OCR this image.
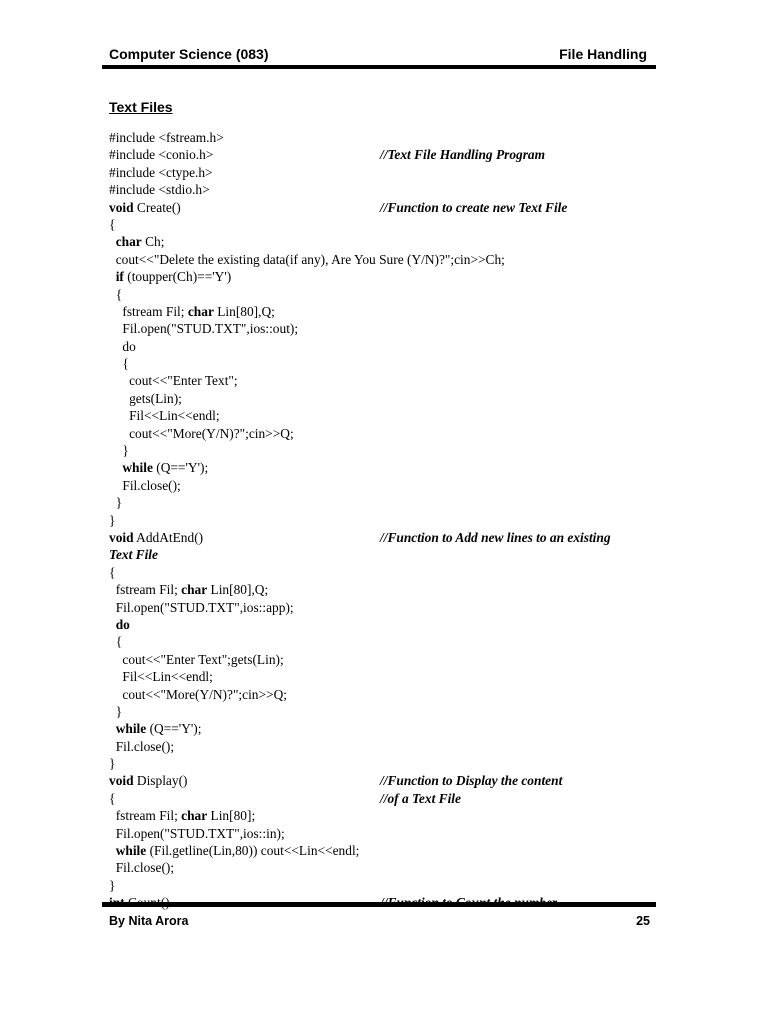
Computer Science (083)	File Handling
Text Files
#include <fstream.h>
#include <conio.h>	//Text File Handling Program
#include <ctype.h>
#include <stdio.h>
void Create()	//Function to create new Text File
{
char Ch;
cout<<"Delete the existing data(if any), Are You Sure (Y/N)?";cin>>Ch;
if (toupper(Ch)=='Y')
{
fstream Fil; char Lin[80],Q;
Fil.open("STUD.TXT",ios::out);
do
{
cout<<"Enter Text";
gets(Lin);
Fil<<Lin<<endl;
cout<<"More(Y/N)?";cin>>Q;
}
while (Q=='Y');
Fil.close();
}
}
void AddAtEnd()	//Function to Add new lines to an existing
Text File
{
fstream Fil; char Lin[80],Q;
Fil.open("STUD.TXT",ios::app);
do
{
cout<<"Enter Text";gets(Lin);
Fil<<Lin<<endl;
cout<<"More(Y/N)?";cin>>Q;
}
while (Q=='Y');
Fil.close();
}
void Display()	//Function to Display the content
{	//of a Text File
fstream Fil; char Lin[80];
Fil.open("STUD.TXT",ios::in);
while (Fil.getline(Lin,80)) cout<<Lin<<endl;
Fil.close();
}
By Nita Arora	25
